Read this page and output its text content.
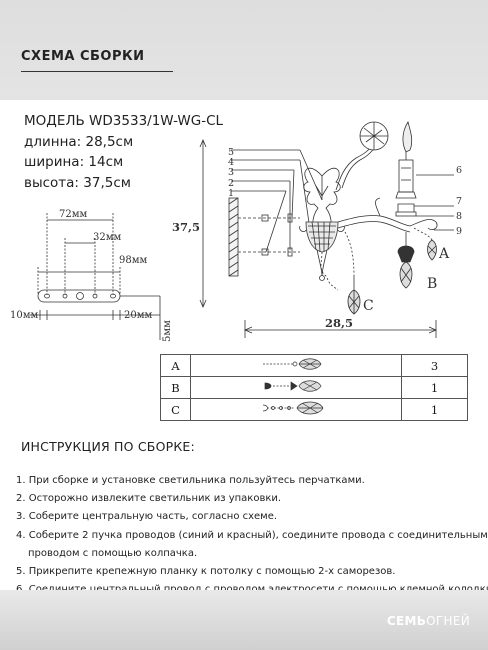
СХЕМА СБОРКИ
МОДЕЛЬ WD3533/1W-WG-CL
длинна: 28,5см
ширина: 14см
высота: 37,5см
72мм
32мм
98мм
10мм	20мм
5мм
37,5
28,5
5
4
3
2
1
C
B
A
6
7
8
9
A		3
B		1
C		1
ИНСТРУКЦИЯ ПО СБОРКЕ:
1. При сборке и установке светильника пользуйтесь перчатками.
2. Осторожно извлеките светильник из упаковки.
3. Соберите центральную часть, согласно схеме.
4. Соберите 2 пучка проводов (синий и красный), соедините провода с соединительным
проводом с помощью колпачка.
5. Прикрепите крепежную планку к потолку с помощью 2-х саморезов.
СЕМЬОГНЕЙ
